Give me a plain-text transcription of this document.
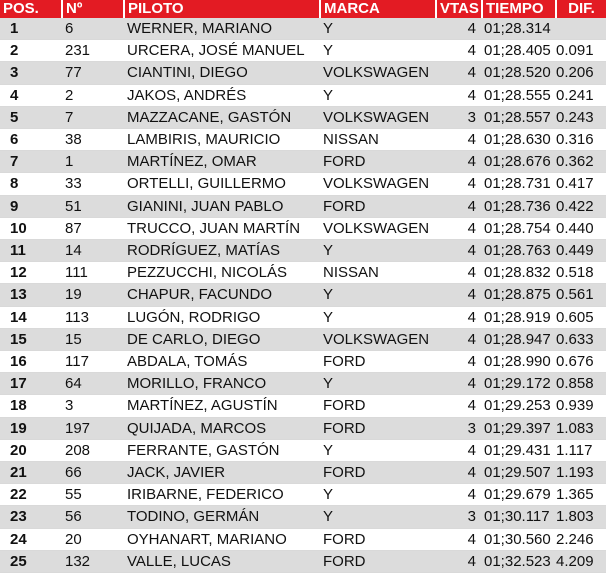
POS.	Nº	PILOTO	MARCA	VTAS	TIEMPO	DIF.
1	6	WERNER, MARIANO	Y	4	01;28.314	
2	231	URCERA, JOSÉ MANUEL	Y	4	01;28.405	0.091
3	77	CIANTINI, DIEGO	VOLKSWAGEN	4	01;28.520	0.206
4	2	JAKOS, ANDRÉS	Y	4	01;28.555	0.241
5	7	MAZZACANE, GASTÓN	VOLKSWAGEN	3	01;28.557	0.243
6	38	LAMBIRIS, MAURICIO	NISSAN	4	01;28.630	0.316
7	1	MARTÍNEZ, OMAR	FORD	4	01;28.676	0.362
8	33	ORTELLI, GUILLERMO	VOLKSWAGEN	4	01;28.731	0.417
9	51	GIANINI, JUAN PABLO	FORD	4	01;28.736	0.422
10	87	TRUCCO, JUAN MARTÍN	VOLKSWAGEN	4	01;28.754	0.440
11	14	RODRÍGUEZ, MATÍAS	Y	4	01;28.763	0.449
12	111	PEZZUCCHI, NICOLÁS	NISSAN	4	01;28.832	0.518
13	19	CHAPUR, FACUNDO	Y	4	01;28.875	0.561
14	113	LUGÓN, RODRIGO	Y	4	01;28.919	0.605
15	15	DE CARLO, DIEGO	VOLKSWAGEN	4	01;28.947	0.633
16	117	ABDALA, TOMÁS	FORD	4	01;28.990	0.676
17	64	MORILLO, FRANCO	Y	4	01;29.172	0.858
18	3	MARTÍNEZ, AGUSTÍN	FORD	4	01;29.253	0.939
19	197	QUIJADA, MARCOS	FORD	3	01;29.397	1.083
20	208	FERRANTE, GASTÓN	Y	4	01;29.431	1.117
21	66	JACK, JAVIER	FORD	4	01;29.507	1.193
22	55	IRIBARNE, FEDERICO	Y	4	01;29.679	1.365
23	56	TODINO, GERMÁN	Y	3	01;30.117	1.803
24	20	OYHANART, MARIANO	FORD	4	01;30.560	2.246
25	132	VALLE, LUCAS	FORD	4	01;32.523	4.209
